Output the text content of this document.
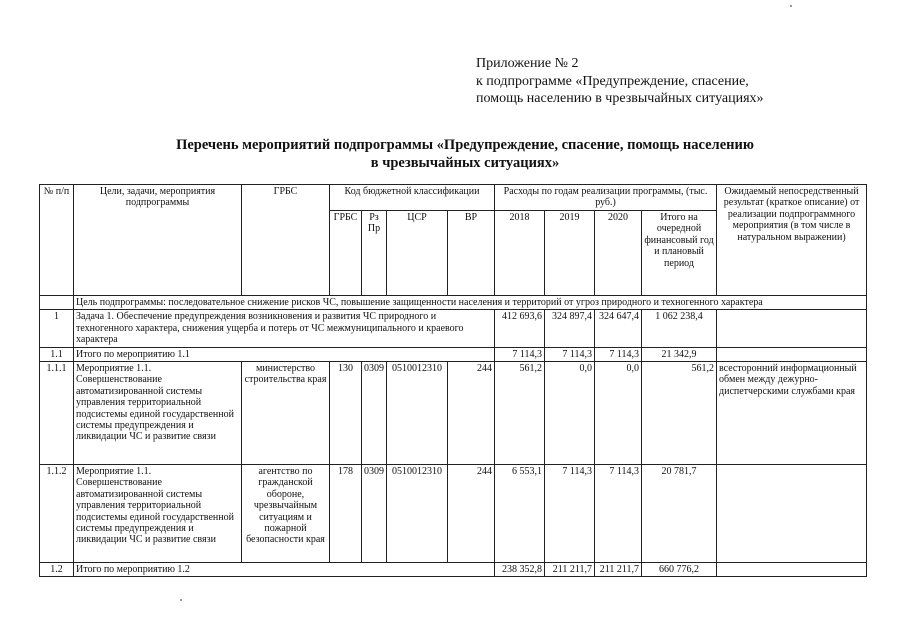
Приложение № 2
к подпрограмме «Предупреждение, спасение,
помощь населению в чрезвычайных ситуациях»
Перечень мероприятий подпрограммы «Предупреждение, спасение, помощь населению
в чрезвычайных ситуациях»
№ п/п	Цели, задачи, мероприятия подпрограммы	ГРБС	Код бюджетной классификации				Расходы по годам реализации программы, (тыс. руб.)				Ожидаемый непосредственный результат (краткое описание) от реализации подпрограммного мероприятия (в том числе в натуральном выражении)
			ГРБС	Рз Пр	ЦСР	ВР	2018	2019	2020	Итого на очередной финансовый год и плановый период	
	Цель подпрограммы: последовательное снижение рисков ЧС, повышение защищенности населения и территорий от угроз природного и техногенного характера										
1	Задача 1. Обеспечение предупреждения возникновения и развития ЧС природного и техногенного характера, снижения ущерба и потерь от ЧС межмуниципального и краевого характера						412 693,6	324 897,4	324 647,4	1 062 238,4	
1.1	Итого по мероприятию 1.1						7 114,3	7 114,3	7 114,3	21 342,9	
1.1.1	Мероприятие 1.1. Совершенствование автоматизированной системы управления территориальной подсистемы единой государственной системы предупреждения и ликвидации ЧС и развитие связи	министерство строительства края	130	0309	0510012310	244	561,2	0,0	0,0	561,2	всесторонний информационный обмен между дежурно-диспетчерскими службами края
1.1.2	Мероприятие 1.1. Совершенствование автоматизированной системы управления территориальной подсистемы единой государственной системы предупреждения и ликвидации ЧС и развитие связи	агентство по гражданской обороне, чрезвычайным ситуациям и пожарной безопасности края	178	0309	0510012310	244	6 553,1	7 114,3	7 114,3	20 781,7	
1.2	Итого по мероприятию 1.2						238 352,8	211 211,7	211 211,7	660 776,2	
